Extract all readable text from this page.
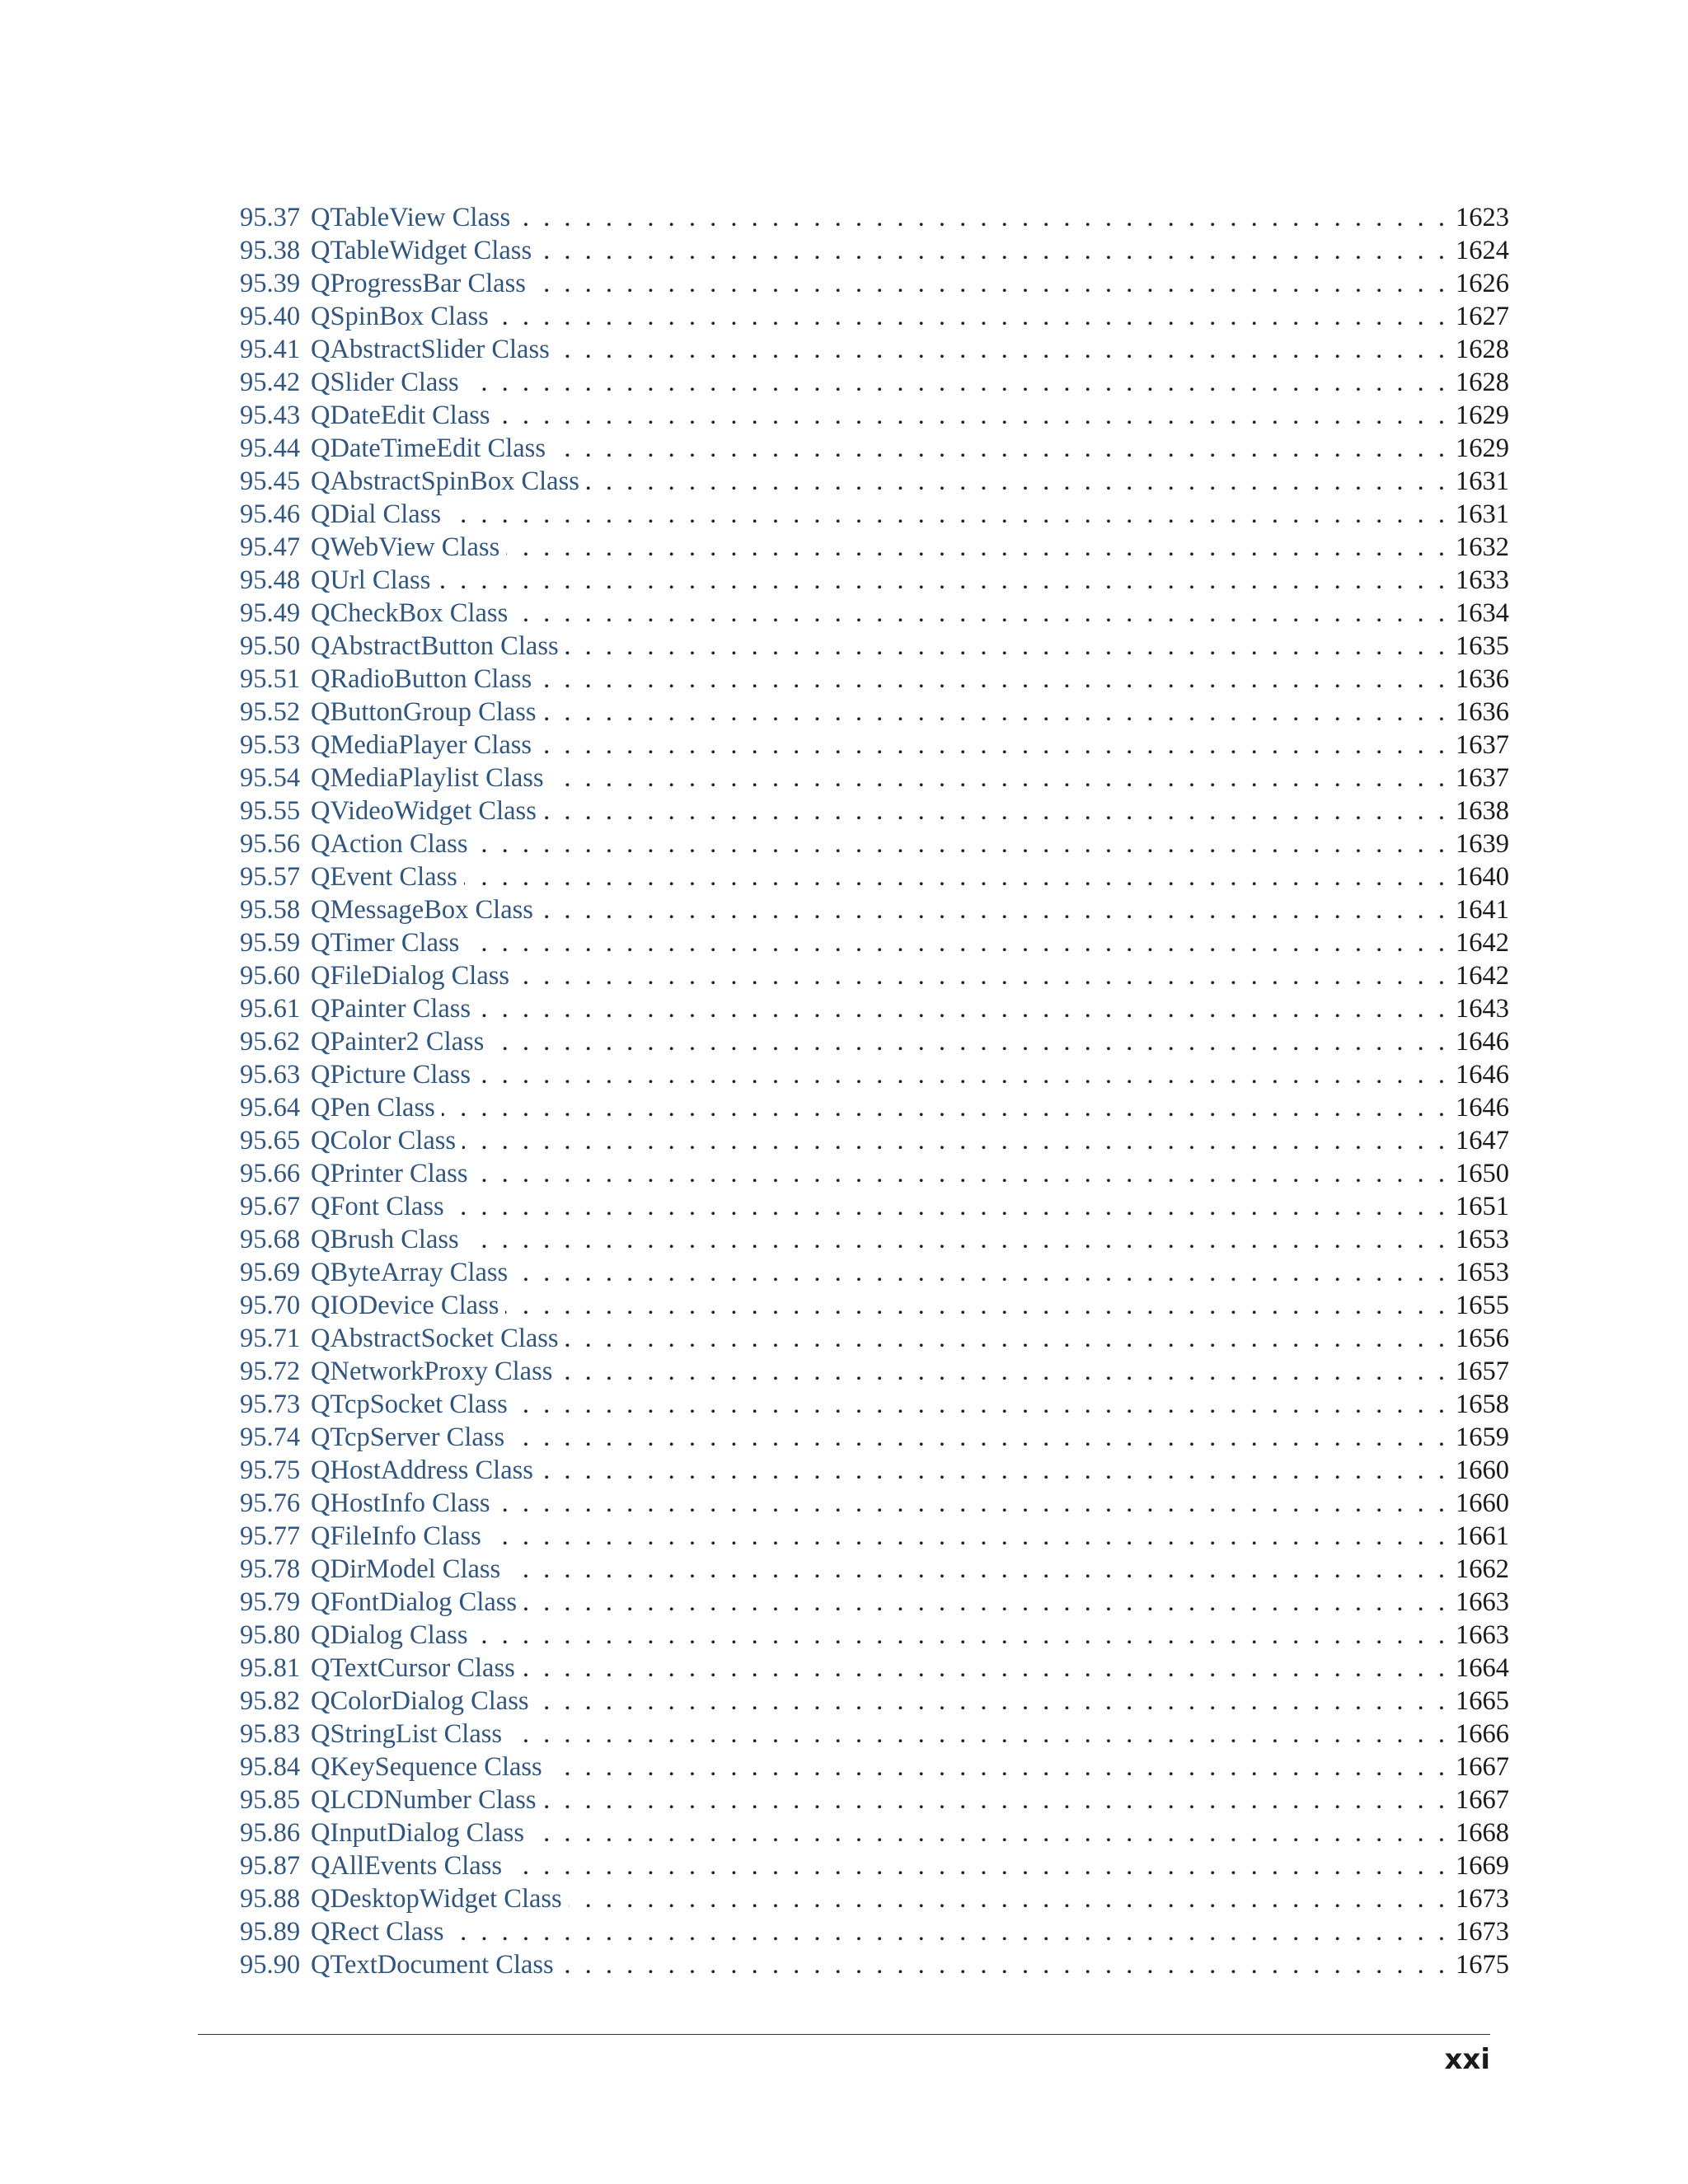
95.37 QTableView Class . . .	1623
95.38 QTableWidget Class . . .	1624
95.39 QProgressBar Class . . .	1626
95.40 QSpinBox Class . . .	1627
95.41 QAbstractSlider Class . . .	1628
95.42 QSlider Class . . .	1628
95.43 QDateEdit Class . . .	1629
95.44 QDateTimeEdit Class . . .	1629
95.45 QAbstractSpinBox Class . . .	1631
95.46 QDial Class . . .	1631
95.47 QWebView Class . . .	1632
95.48 QUrl Class . . .	1633
95.49 QCheckBox Class . . .	1634
95.50 QAbstractButton Class . . .	1635
95.51 QRadioButton Class . . .	1636
95.52 QButtonGroup Class . . .	1636
95.53 QMediaPlayer Class . . .	1637
95.54 QMediaPlaylist Class . . .	1637
95.55 QVideoWidget Class . . .	1638
95.56 QAction Class . . .	1639
95.57 QEvent Class . . .	1640
95.58 QMessageBox Class . . .	1641
95.59 QTimer Class . . .	1642
95.60 QFileDialog Class . . .	1642
95.61 QPainter Class . . .	1643
95.62 QPainter2 Class . . .	1646
95.63 QPicture Class . . .	1646
95.64 QPen Class . . .	1646
95.65 QColor Class . . .	1647
95.66 QPrinter Class . . .	1650
95.67 QFont Class . . .	1651
95.68 QBrush Class . . .	1653
95.69 QByteArray Class . . .	1653
95.70 QIODevice Class . . .	1655
95.71 QAbstractSocket Class . . .	1656
95.72 QNetworkProxy Class . . .	1657
95.73 QTcpSocket Class . . .	1658
95.74 QTcpServer Class . . .	1659
95.75 QHostAddress Class . . .	1660
95.76 QHostInfo Class . . .	1660
95.77 QFileInfo Class . . .	1661
95.78 QDirModel Class . . .	1662
95.79 QFontDialog Class . . .	1663
95.80 QDialog Class . . .	1663
95.81 QTextCursor Class . . .	1664
95.82 QColorDialog Class . . .	1665
95.83 QStringList Class . . .	1666
95.84 QKeySequence Class . . .	1667
95.85 QLCDNumber Class . . .	1667
95.86 QInputDialog Class . . .	1668
95.87 QAllEvents Class . . .	1669
95.88 QDesktopWidget Class . . .	1673
95.89 QRect Class . . .	1673
95.90 QTextDocument Class . . .	1675
xxi
